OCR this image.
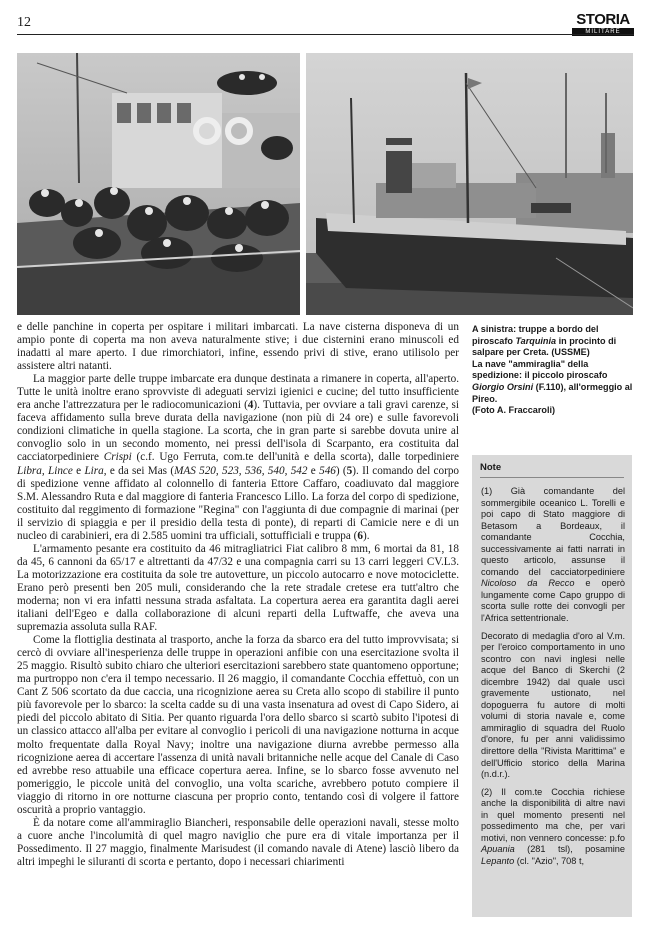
12	STORIA
MILITARE

e delle panchine in coperta per ospitare i militari imbarcati. La nave cisterna disponeva di un ampio ponte di coperta ma non aveva naturalmente stive; i due cisternini erano minuscoli ed inadatti al mare aperto. I due rimorchiatori, infine, essendo privi di stive, erano utilisolo per assistere altri natanti.

La maggior parte delle truppe imbarcate era dunque destinata a rimanere in coperta, all'aperto. Tutte le unità inoltre erano sprovviste di adeguati servizi igienici e cucine; del tutto insufficiente era anche l'attrezzatura per le radiocomunicazioni (4). Tuttavia, per ovviare a tali gravi carenze, si faceva affidamento sulla breve durata della navigazione (non più di 24 ore) e sulle favorevoli condizioni climatiche in quella stagione. La scorta, che in gran parte si sarebbe dovuta unire al convoglio solo in un secondo momento, nei pressi dell'isola di Scarpanto, era costituita dal cacciatorpediniere Crispi (c.f. Ugo Ferruta, com.te dell'unità e della scorta), dalle torpediniere Libra, Lince e Lira, e da sei Mas (MAS 520, 523, 536, 540, 542 e 546) (5). Il comando del corpo di spedizione venne affidato al colonnello di fanteria Ettore Caffaro, coadiuvato dal maggiore S.M. Alessandro Ruta e dal maggiore di fanteria Francesco Lillo. La forza del corpo di spedizione, costituito dal reggimento di formazione "Regina" con l'aggiunta di due compagnie di marinai (per il servizio di spiaggia e per il presidio della testa di ponte), di reparti di Camicie nere e di un nucleo di carabinieri, era di 2.585 uomini tra ufficiali, sottufficiali e truppa (6).

L'armamento pesante era costituito da 46 mitragliatrici Fiat calibro 8 mm, 6 mortai da 81, 18 da 45, 6 cannoni da 65/17 e altrettanti da 47/32 e una compagnia carri su 13 carri leggeri CV.L3. La motorizzazione era costituita da sole tre autovetture, un piccolo autocarro e nove motociclette. Erano però presenti ben 205 muli, considerando che la rete stradale cretese era tutt'altro che moderna; non vi era infatti nessuna strada asfaltata. La copertura aerea era garantita dagli aerei italiani dell'Egeo e dalla collaborazione di alcuni reparti della Luftwaffe, che aveva una supremazia assoluta sulla RAF.

Come la flottiglia destinata al trasporto, anche la forza da sbarco era del tutto improvvisata; si cercò di ovviare all'inesperienza delle truppe in operazioni anfibie con una esercitazione svolta il 25 maggio. Risultò subito chiaro che ulteriori esercitazioni sarebbero state quantomeno opportune; ma purtroppo non c'era il tempo necessario. Il 26 maggio, il comandante Cocchia effettuò, con un Cant Z 506 scortato da due caccia, una ricognizione aerea su Creta allo scopo di stabilire il punto più favorevole per lo sbarco: la scelta cadde su di una vasta insenatura ad ovest di Capo Sidero, ai piedi del piccolo abitato di Sitia. Per quanto riguarda l'ora dello sbarco si scartò subito l'ipotesi di un classico attacco all'alba per evitare al convoglio i pericoli di una navigazione notturna in acque molto frequentate dalla Royal Navy; inoltre una navigazione diurna avrebbe permesso alla ricognizione aerea di accertare l'assenza di unità navali britanniche nelle acque del Canale di Caso ed avrebbe reso attuabile una efficace copertura aerea. Infine, se lo sbarco fosse avvenuto nel pomeriggio, le piccole unità del convoglio, una volta scariche, avrebbero potuto compiere il viaggio di ritorno in ore notturne ciascuna per proprio conto, tentando così di volgere il fattore oscurità a proprio vantaggio.

È da notare come all'ammiraglio Biancheri, responsabile delle operazioni navali, stesse molto a cuore anche l'incolumità di quel magro naviglio che pure era di vitale importanza per il Possedimento. Il 27 maggio, finalmente Marisudest (il comando navale di Atene) lasciò libero da altri impeghi le siluranti di scorta e pertanto, dopo i necessari chiarimenti

A sinistra: truppe a bordo del piroscafo Tarquinia in procinto di salpare per Creta. (USSME)
La nave "ammiraglia" della spedizione: il piccolo piroscafo Giorgio Orsini (F.110), all'ormeggio al Pireo.
(Foto A. Fraccaroli)
Note

(1) Già comandante del sommergibile oceanico L. Torelli e poi capo di Stato maggiore di Betasom a Bordeaux, il comandante Cocchia, successivamente ai fatti narrati in questo articolo, assunse il comando del cacciatorpediniere Nicoloso da Recco e operò lungamente come Capo gruppo di scorta sulle rotte dei convogli per l'Africa settentrionale.

Decorato di medaglia d'oro al V.m. per l'eroico comportamento in uno scontro con navi inglesi nelle acque del Banco di Skerchi (2 dicembre 1942) dal quale uscì gravemente ustionato, nel dopoguerra fu autore di molti volumi di storia navale e, come ammiraglio di squadra del Ruolo d'onore, fu per anni validissimo direttore della "Rivista Marittima" e dell'Ufficio storico della Marina (n.d.r.).

(2) Il com.te Cocchia richiese anche la disponibilità di altre navi in quel momento presenti nel possedimento ma che, per vari motivi, non vennero concesse: p.fo Apuania (281 tsl), posamine Lepanto (cl. "Azio", 708 t,
